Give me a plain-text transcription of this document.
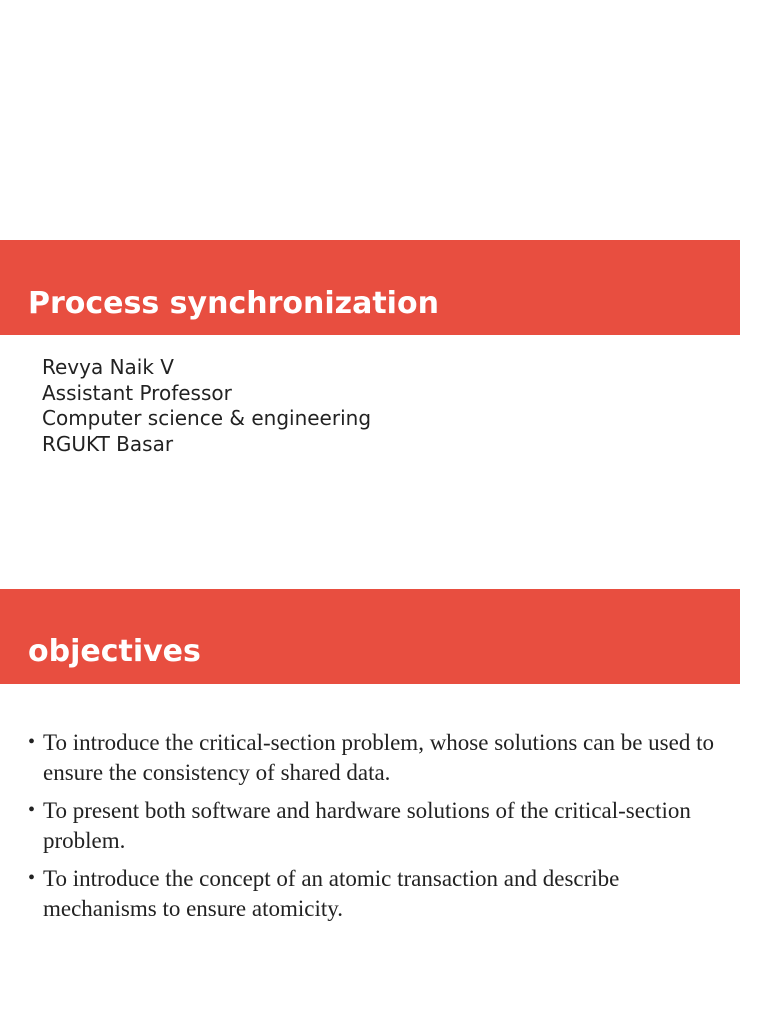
Process synchronization
Revya Naik V
Assistant Professor
Computer science & engineering
RGUKT Basar
objectives
• To introduce the critical-section problem, whose solutions can be used to ensure the consistency of shared data.
• To present both software and hardware solutions of the critical-section problem.
• To introduce the concept of an atomic transaction and describe mechanisms to ensure atomicity.
